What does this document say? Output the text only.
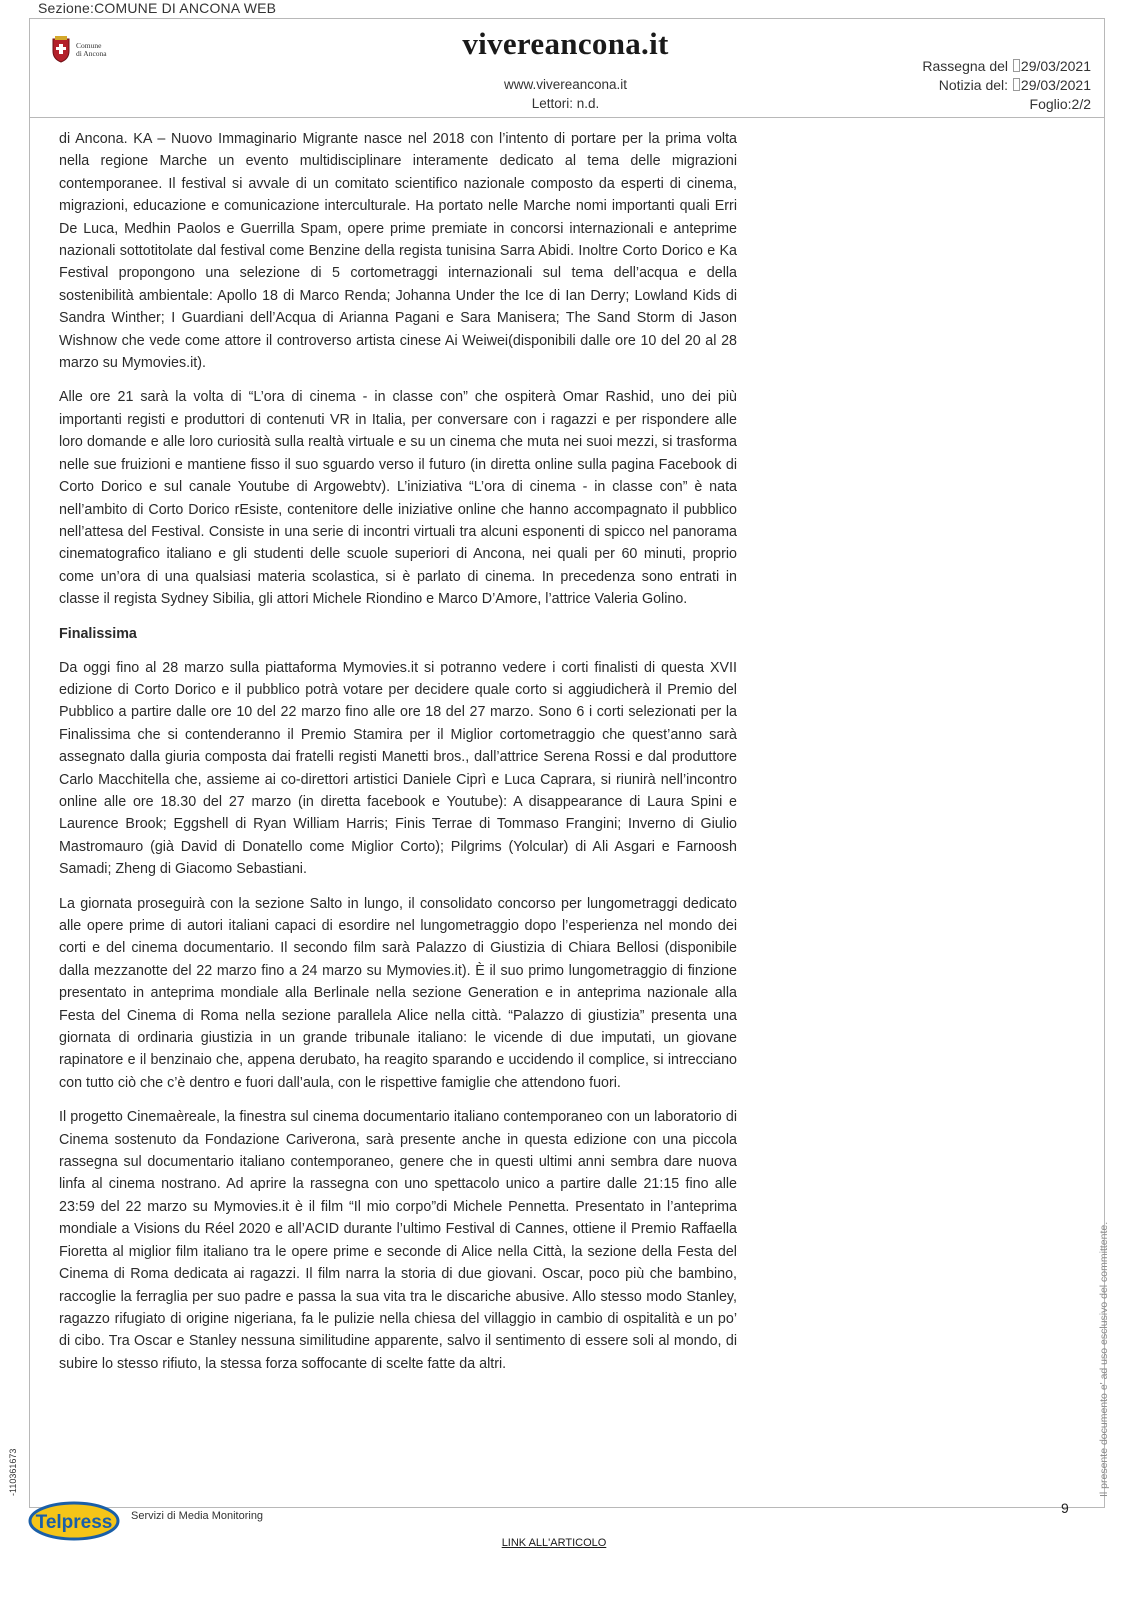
Sezione:COMUNE DI ANCONA WEB
Comune
di Ancona	vivereancona.it
www.vivereancona.it
Lettori: n.d.
Rassegna del 29/03/2021
Notizia del: 29/03/2021
Foglio:2/2

di Ancona. KA – Nuovo Immaginario Migrante nasce nel 2018 con l’intento di portare per la prima volta nella regione Marche un evento multidisciplinare interamente dedicato al tema delle migrazioni contemporanee. Il festival si avvale di un comitato scientifico nazionale composto da esperti di cinema, migrazioni, educazione e comunicazione interculturale. Ha portato nelle Marche nomi importanti quali Erri De Luca, Medhin Paolos e Guerrilla Spam, opere prime premiate in concorsi internazionali e anteprime nazionali sottotitolate dal festival come Benzine della regista tunisina Sarra Abidi. Inoltre Corto Dorico e Ka Festival propongono una selezione di 5 cortometraggi internazionali sul tema dell’acqua e della sostenibilità ambientale: Apollo 18 di Marco Renda; Johanna Under the Ice di Ian Derry; Lowland Kids di Sandra Winther; I Guardiani dell’Acqua di Arianna Pagani e Sara Manisera; The Sand Storm di Jason Wishnow che vede come attore il controverso artista cinese Ai Weiwei(disponibili dalle ore 10 del 20 al 28 marzo su Mymovies.it).

Alle ore 21 sarà la volta di “L’ora di cinema - in classe con” che ospiterà Omar Rashid, uno dei più importanti registi e produttori di contenuti VR in Italia, per conversare con i ragazzi e per rispondere alle loro domande e alle loro curiosità sulla realtà virtuale e su un cinema che muta nei suoi mezzi, si trasforma nelle sue fruizioni e mantiene fisso il suo sguardo verso il futuro (in diretta online sulla pagina Facebook di Corto Dorico e sul canale Youtube di Argowebtv). L’iniziativa “L’ora di cinema - in classe con” è nata nell’ambito di Corto Dorico rEsiste, contenitore delle iniziative online che hanno accompagnato il pubblico nell’attesa del Festival. Consiste in una serie di incontri virtuali tra alcuni esponenti di spicco nel panorama cinematografico italiano e gli studenti delle scuole superiori di Ancona, nei quali per 60 minuti, proprio come un’ora di una qualsiasi materia scolastica, si è parlato di cinema. In precedenza sono entrati in classe il regista Sydney Sibilia, gli attori Michele Riondino e Marco D’Amore, l’attrice Valeria Golino.

Finalissima

Da oggi fino al 28 marzo sulla piattaforma Mymovies.it si potranno vedere i corti finalisti di questa XVII edizione di Corto Dorico e il pubblico potrà votare per decidere quale corto si aggiudicherà il Premio del Pubblico a partire dalle ore 10 del 22 marzo fino alle ore 18 del 27 marzo. Sono 6 i corti selezionati per la Finalissima che si contenderanno il Premio Stamira per il Miglior cortometraggio che quest’anno sarà assegnato dalla giuria composta dai fratelli registi Manetti bros., dall’attrice Serena Rossi e dal produttore Carlo Macchitella che, assieme ai co-direttori artistici Daniele Ciprì e Luca Caprara, si riunirà nell’incontro online alle ore 18.30 del 27 marzo (in diretta facebook e Youtube): A disappearance di Laura Spini e Laurence Brook; Eggshell di Ryan William Harris; Finis Terrae di Tommaso Frangini; Inverno di Giulio Mastromauro (già David di Donatello come Miglior Corto); Pilgrims (Yolcular) di Ali Asgari e Farnoosh Samadi; Zheng di Giacomo Sebastiani.

La giornata proseguirà con la sezione Salto in lungo, il consolidato concorso per lungometraggi dedicato alle opere prime di autori italiani capaci di esordire nel lungometraggio dopo l’esperienza nel mondo dei corti e del cinema documentario. Il secondo film sarà Palazzo di Giustizia di Chiara Bellosi (disponibile dalla mezzanotte del 22 marzo fino a 24 marzo su Mymovies.it). È il suo primo lungometraggio di finzione presentato in anteprima mondiale alla Berlinale nella sezione Generation e in anteprima nazionale alla Festa del Cinema di Roma nella sezione parallela Alice nella città. “Palazzo di giustizia” presenta una giornata di ordinaria giustizia in un grande tribunale italiano: le vicende di due imputati, un giovane rapinatore e il benzinaio che, appena derubato, ha reagito sparando e uccidendo il complice, si intrecciano con tutto ciò che c’è dentro e fuori dall’aula, con le rispettive famiglie che attendono fuori.

Il progetto Cinemaèreale, la finestra sul cinema documentario italiano contemporaneo con un laboratorio di Cinema sostenuto da Fondazione Cariverona, sarà presente anche in questa edizione con una piccola rassegna sul documentario italiano contemporaneo, genere che in questi ultimi anni sembra dare nuova linfa al cinema nostrano. Ad aprire la rassegna con uno spettacolo unico a partire dalle 21:15 fino alle 23:59 del 22 marzo su Mymovies.it è il film “Il mio corpo”di Michele Pennetta. Presentato in l’anteprima mondiale a Visions du Réel 2020 e all’ACID durante l’ultimo Festival di Cannes, ottiene il Premio Raffaella Fioretta al miglior film italiano tra le opere prime e seconde di Alice nella Città, la sezione della Festa del Cinema di Roma dedicata ai ragazzi. Il film narra la storia di due giovani. Oscar, poco più che bambino, raccoglie la ferraglia per suo padre e passa la sua vita tra le discariche abusive. Allo stesso modo Stanley, ragazzo rifugiato di origine nigeriana, fa le pulizie nella chiesa del villaggio in cambio di ospitalità e un po’ di cibo. Tra Oscar e Stanley nessuna similitudine apparente, salvo il sentimento di essere soli al mondo, di subire lo stesso rifiuto, la stessa forza soffocante di scelte fatte da altri.	Il presente documento e' ad uso esclusivo del committente.
-110361673
9
Telpress Servizi di Media Monitoring
LINK ALL'ARTICOLO
